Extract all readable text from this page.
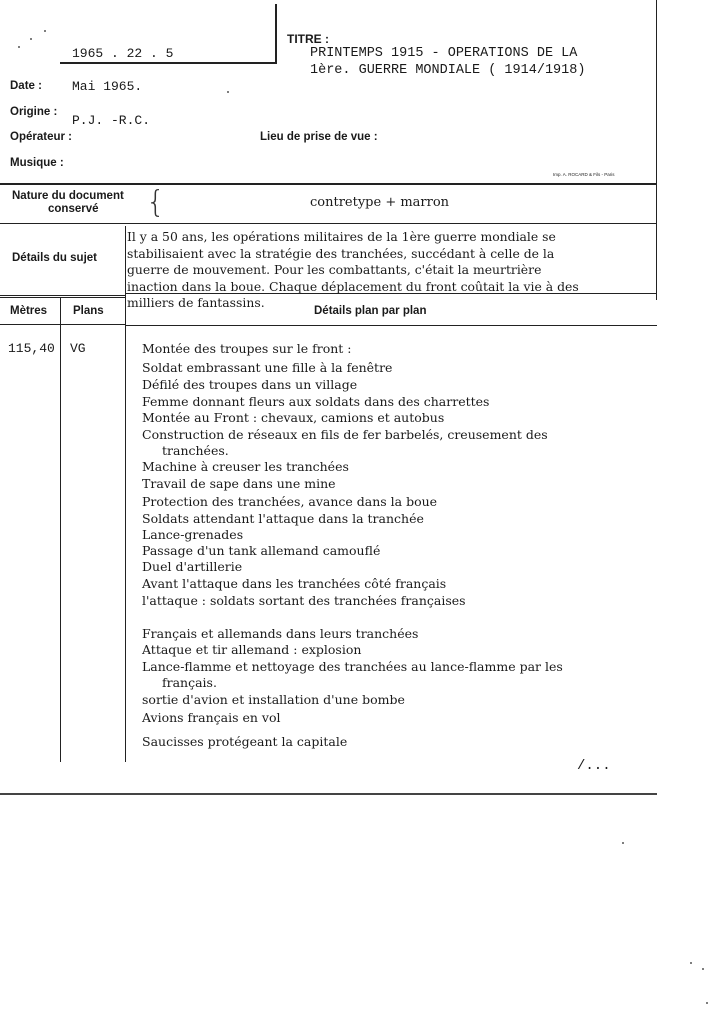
1965 . 22 . 5
TITRE :
PRINTEMPS 1915 - OPERATIONS DE LA
1ère. GUERRE MONDIALE ( 1914/1918)
Date : Mai 1965.
Origine :
P.J. -R.C.
Opérateur :	Lieu de prise de vue :
Musique :
Imp. A. ROCARD & Fils - Paris
Nature du document
conservé {	contretype + marron
Détails du sujet
Il y a 50 ans, les opérations militaires de la 1ère guerre mondiale se
stabilisaient avec la stratégie des tranchées, succédant à celle de la
guerre de mouvement. Pour les combattants, c'était la meurtrière
inaction dans la boue. Chaque déplacement du front coûtait la vie à des
milliers de fantassins.
Mètres Plans	Détails plan par plan
115,40 VG	Montée des troupes sur le front :
Soldat embrassant une fille à la fenêtre
Défilé des troupes dans un village
Femme donnant fleurs aux soldats dans des charrettes
Montée au Front : chevaux, camions et autobus
Construction de réseaux en fils de fer barbelés, creusement des
tranchées.
Machine à creuser les tranchées
Travail de sape dans une mine
Protection des tranchées, avance dans la boue
Soldats attendant l'attaque dans la tranchée
Lance-grenades
Passage d'un tank allemand camouflé
Duel d'artillerie
Avant l'attaque dans les tranchées côté français
l'attaque : soldats sortant des tranchées françaises
Français et allemands dans leurs tranchées
Attaque et tir allemand : explosion
Lance-flamme et nettoyage des tranchées au lance-flamme par les
français.
sortie d'avion et installation d'une bombe
Avions français en vol
Saucisses protégeant la capitale
/...
